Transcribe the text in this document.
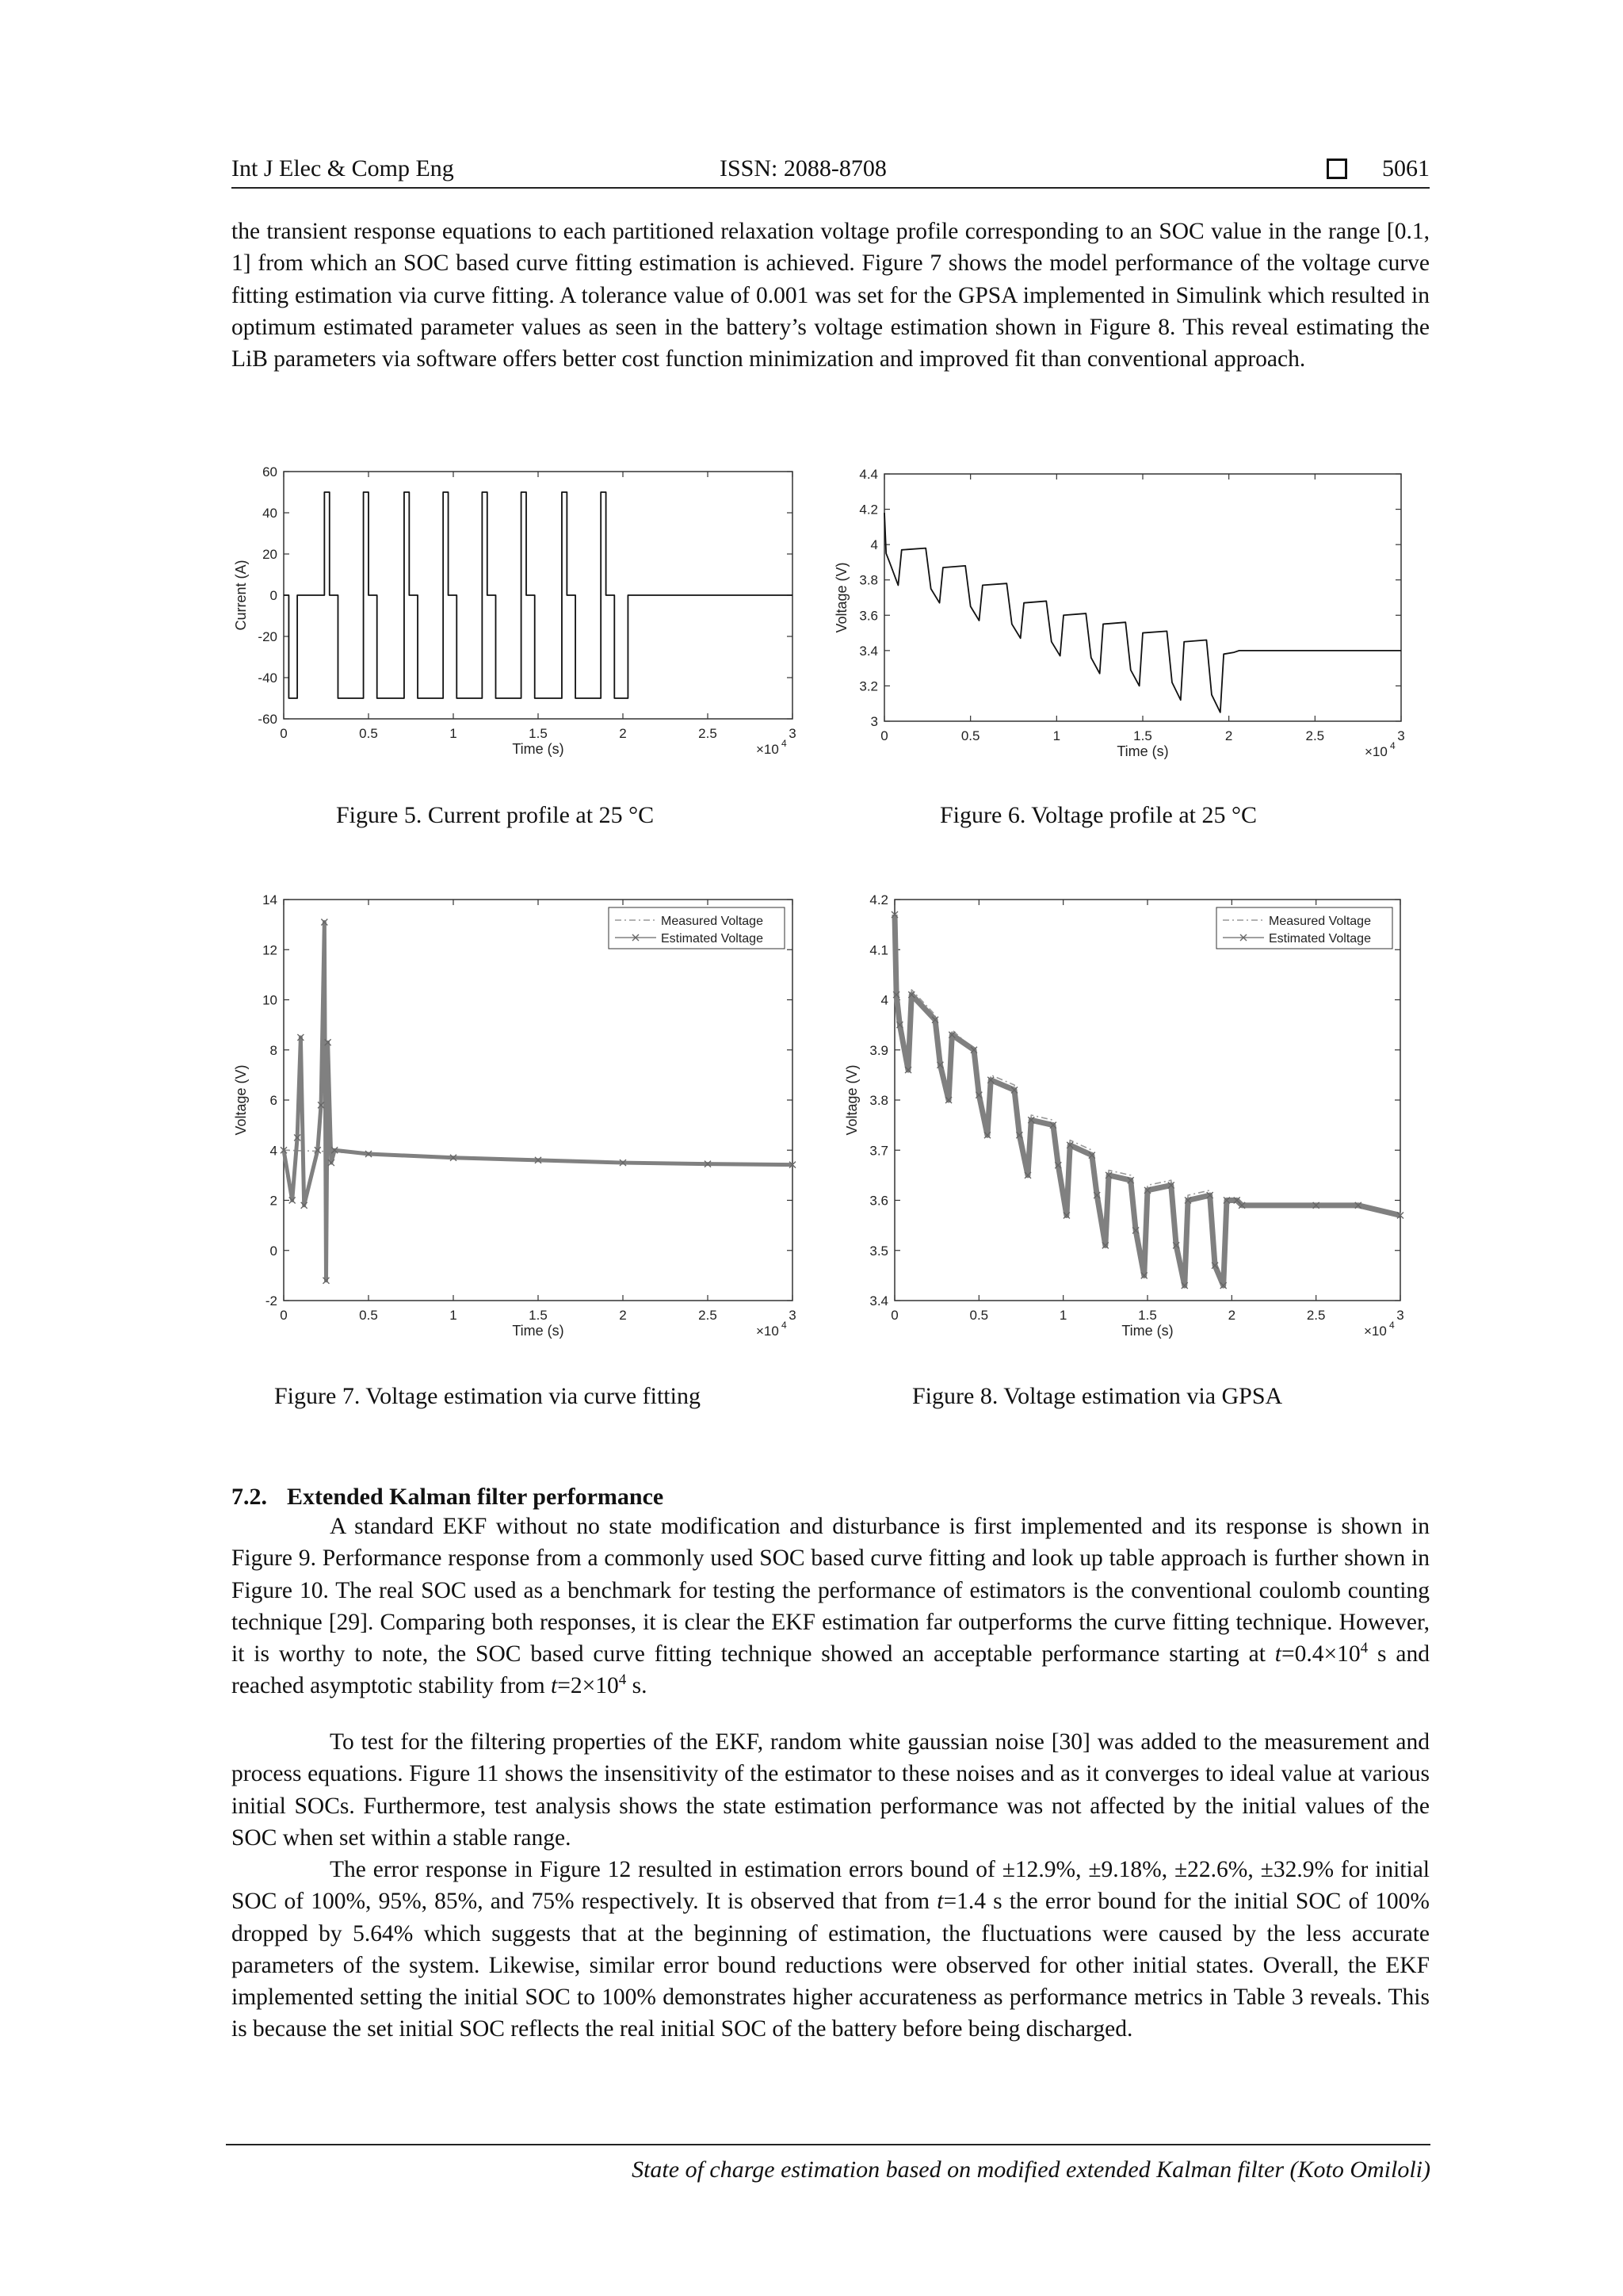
Int J Elec & Comp Eng	ISSN: 2088-8708	5061

the transient response equations to each partitioned relaxation voltage profile corresponding to an SOC value in the range [0.1, 1] from which an SOC based curve fitting estimation is achieved. Figure 7 shows the model performance of the voltage curve fitting estimation via curve fitting. A tolerance value of 0.001 was set for the GPSA implemented in Simulink which resulted in optimum estimated parameter values as seen in the battery’s voltage estimation shown in Figure 8. This reveal estimating the LiB parameters via software offers better cost function minimization and improved fit than conventional approach.

0	0.5	1	1.5	2	2.5	3
-60
-40
-20
0
20
40
60
Time (s)
Current (A)
×10 4	0	0.5	1	1.5	2	2.5	3
3
3.2
3.4
3.6
3.8
4
4.2
4.4
Time (s)
Voltage (V)
×10 4
Figure 5. Current profile at 25 °C	Figure 6. Voltage profile at 25 °C
0	0.5	1	1.5	2	2.5	3
-2
0
2
4
6
8
10
12
14
Time (s)
Voltage (V)
×10 4
Measured Voltage
Estimated Voltage
0	0.5	1	1.5	2	2.5	3
3.4
3.5
3.6
3.7
3.8
3.9
4
4.1
4.2
Time (s)
Voltage (V)
×10 4
Measured Voltage
Estimated Voltage
Figure 7. Voltage estimation via curve fitting	Figure 8. Voltage estimation via GPSA
7.2. Extended Kalman filter performance

A standard EKF without no state modification and disturbance is first implemented and its response is shown in Figure 9. Performance response from a commonly used SOC based curve fitting and look up table approach is further shown in Figure 10. The real SOC used as a benchmark for testing the performance of estimators is the conventional coulomb counting technique [29]. Comparing both responses, it is clear the EKF estimation far outperforms the curve fitting technique. However, it is worthy to note, the SOC based curve fitting technique showed an acceptable performance starting at $t=0.4\times 10^4$ s and reached asymptotic stability from $t=2\times 10^4$ s.

To test for the filtering properties of the EKF, random white gaussian noise [30] was added to the measurement and process equations. Figure 11 shows the insensitivity of the estimator to these noises and as it converges to ideal value at various initial SOCs. Furthermore, test analysis shows the state estimation performance was not affected by the initial values of the SOC when set within a stable range.

The error response in Figure 12 resulted in estimation errors bound of ±12.9%, ±9.18%, ±22.6%, ±32.9% for initial SOC of 100%, 95%, 85%, and 75% respectively. It is observed that from t=1.4 s the error bound for the initial SOC of 100% dropped by 5.64% which suggests that at the beginning of estimation, the fluctuations were caused by the less accurate parameters of the system. Likewise, similar error bound reductions were observed for other initial states. Overall, the EKF implemented setting the initial SOC to 100% demonstrates higher accurateness as performance metrics in Table 3 reveals. This is because the set initial SOC reflects the real initial SOC of the battery before being discharged.

State of charge estimation based on modified extended Kalman filter (Koto Omiloli)
